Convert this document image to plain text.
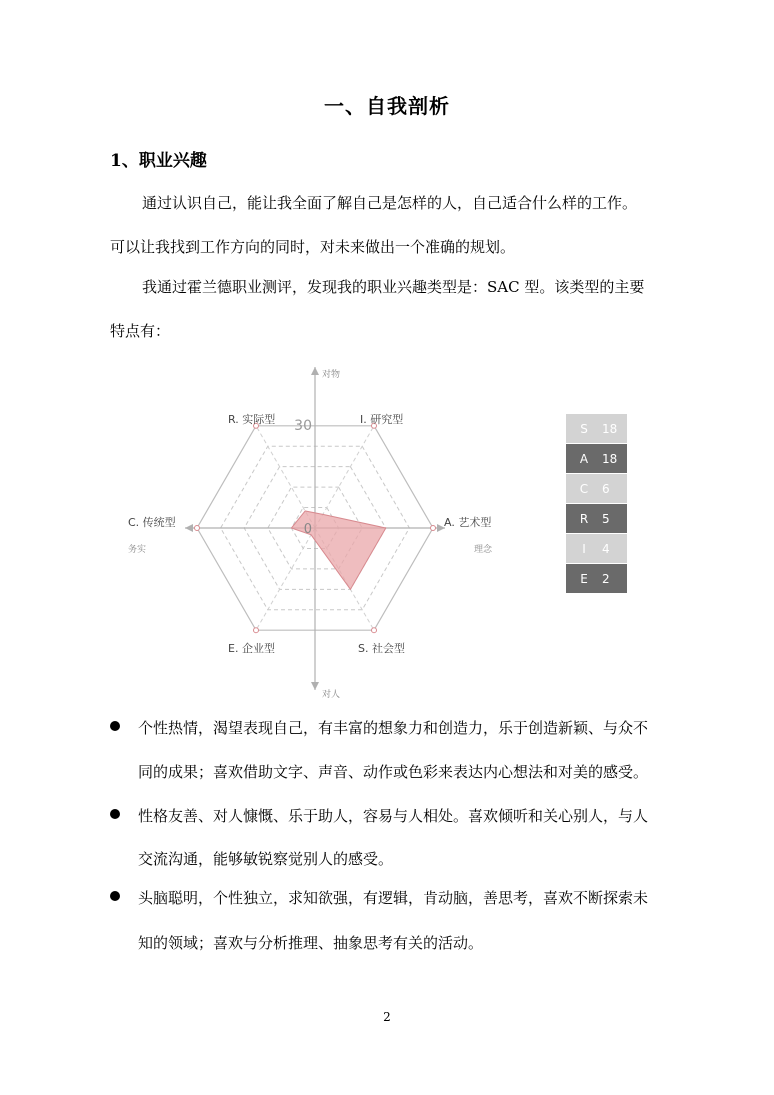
一、自我剖析
1、职业兴趣
通过认识自己，能让我全面了解自己是怎样的人，自己适合什么样的工作。
可以让我找到工作方向的同时，对未来做出一个准确的规划。
我通过霍兰德职业测评，发现我的职业兴趣类型是：SAC 型。该类型的主要
特点有：
I. 研究型
A. 艺术型
S. 社会型
E. 企业型
C. 传统型
R. 实际型
对物
对人
务实	理念
30
0
S	18
A	18
C	6
R	5
I	4
E	2
个性热情，渴望表现自己，有丰富的想象力和创造力，乐于创造新颖、与众不
同的成果；喜欢借助文字、声音、动作或色彩来表达内心想法和对美的感受。
性格友善、对人慷慨、乐于助人，容易与人相处。喜欢倾听和关心别人，与人
交流沟通，能够敏锐察觉别人的感受。
头脑聪明，个性独立，求知欲强，有逻辑，肯动脑，善思考，喜欢不断探索未
知的领域；喜欢与分析推理、抽象思考有关的活动。
2
